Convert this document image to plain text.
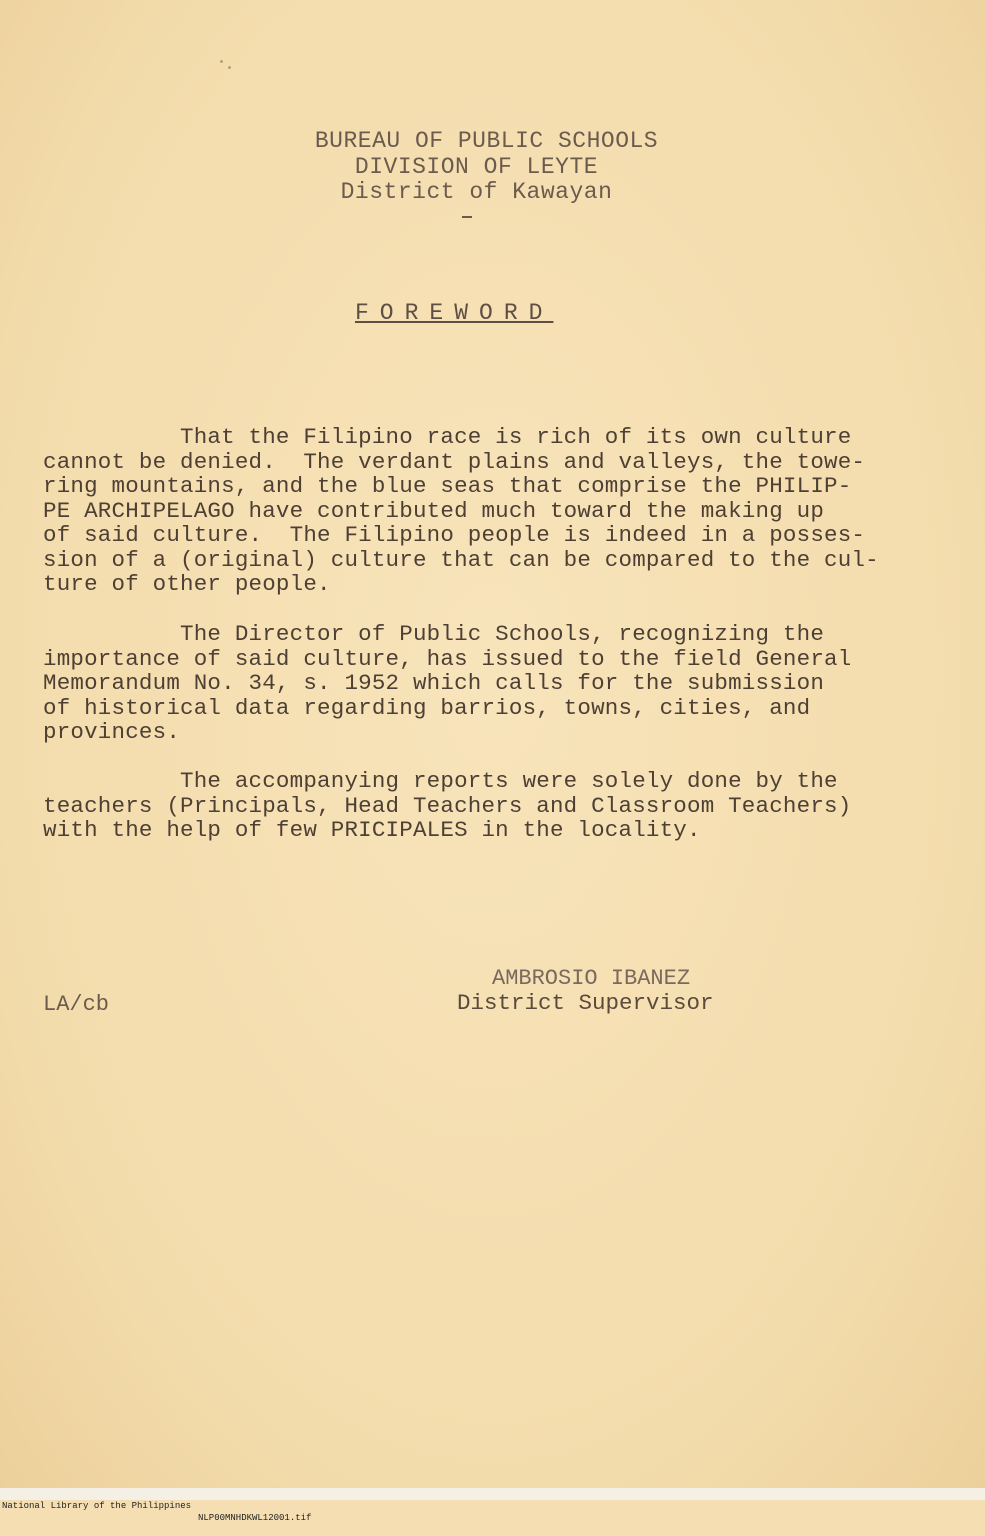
BUREAU OF PUBLIC SCHOOLS
DIVISION OF LEYTE
District of Kawayan
FOREWORD
That the Filipino race is rich of its own culture
cannot be denied.  The verdant plains and valleys, the towe-
ring mountains, and the blue seas that comprise the PHILIP-
PE ARCHIPELAGO have contributed much toward the making up
of said culture.  The Filipino people is indeed in a posses-
sion of a (original) culture that can be compared to the cul-
ture of other people.
The Director of Public Schools, recognizing the
importance of said culture, has issued to the field General
Memorandum No. 34, s. 1952 which calls for the submission
of historical data regarding barrios, towns, cities, and
provinces.
The accompanying reports were solely done by the
teachers (Principals, Head Teachers and Classroom Teachers)
with the help of few PRICIPALES in the locality.
AMBROSIO IBANEZ
District Supervisor
LA/cb

National Library of the Philippines

NLP00MNHDKWL12001.tif
